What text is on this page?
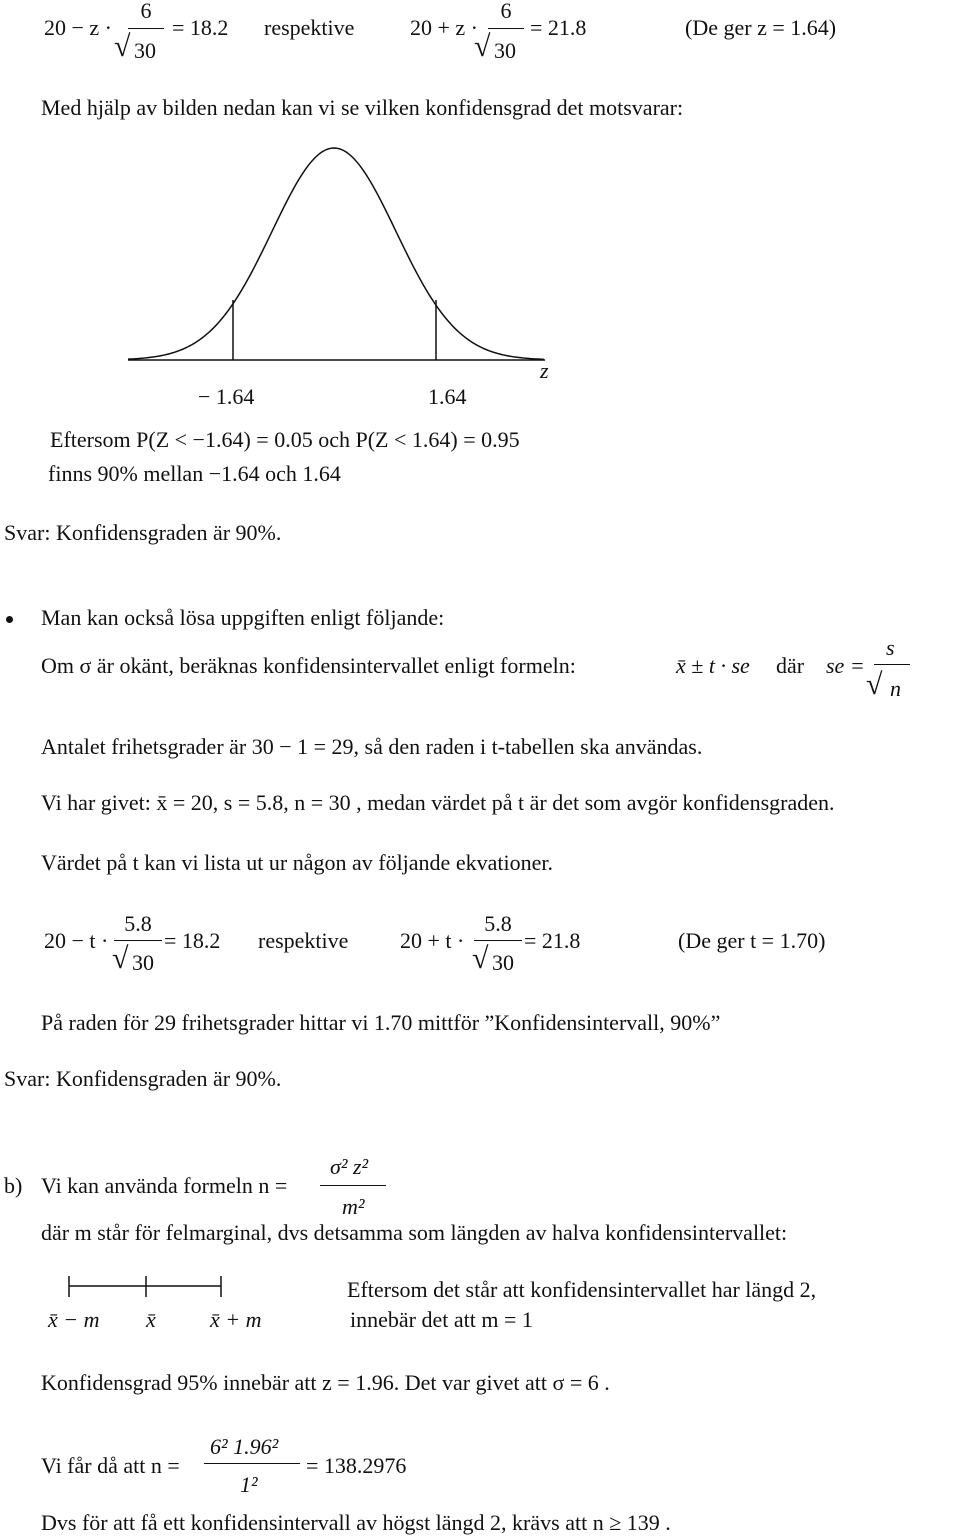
20 − z ·
6
√ 30
= 18.2 respektive	20 + z ·
6
√ 30
= 21.8	(De ger z = 1.64)
Med hjälp av bilden nedan kan vi se vilken konfidensgrad det motsvarar:
z
− 1.64	1.64
Eftersom P(Z < −1.64) = 0.05 och P(Z < 1.64) = 0.95
finns 90% mellan −1.64 och 1.64
Svar: Konfidensgraden är 90%.
Man kan också lösa uppgiften enligt följande:
Om σ är okänt, beräknas konfidensintervallet enligt formeln:	x̄ ± t · se där se =
s
√ n
Antalet frihetsgrader är 30 − 1 = 29, så den raden i t-tabellen ska användas.
Vi har givet: x̄ = 20, s = 5.8, n = 30 , medan värdet på t är det som avgör konfidensgraden.
Värdet på t kan vi lista ut ur någon av följande ekvationer.
20 − t ·
5.8
√ 30
= 18.2 respektive 20 + t ·
5.8
√ 30
= 21.8	(De ger t = 1.70)
På raden för 29 frihetsgrader hittar vi 1.70 mittför ”Konfidensintervall, 90%”
Svar: Konfidensgraden är 90%.
b) Vi kan använda formeln n =
σ² z²
m²
där m står för felmarginal, dvs detsamma som längden av halva konfidensintervallet:
x̄ − m x̄ x̄ + m
Eftersom det står att konfidensintervallet har längd 2,
innebär det att m = 1
Konfidensgrad 95% innebär att z = 1.96. Det var givet att σ = 6 .
Vi får då att n =
6² 1.96²
1²
= 138.2976
Dvs för att få ett konfidensintervall av högst längd 2, krävs att n ≥ 139 .
